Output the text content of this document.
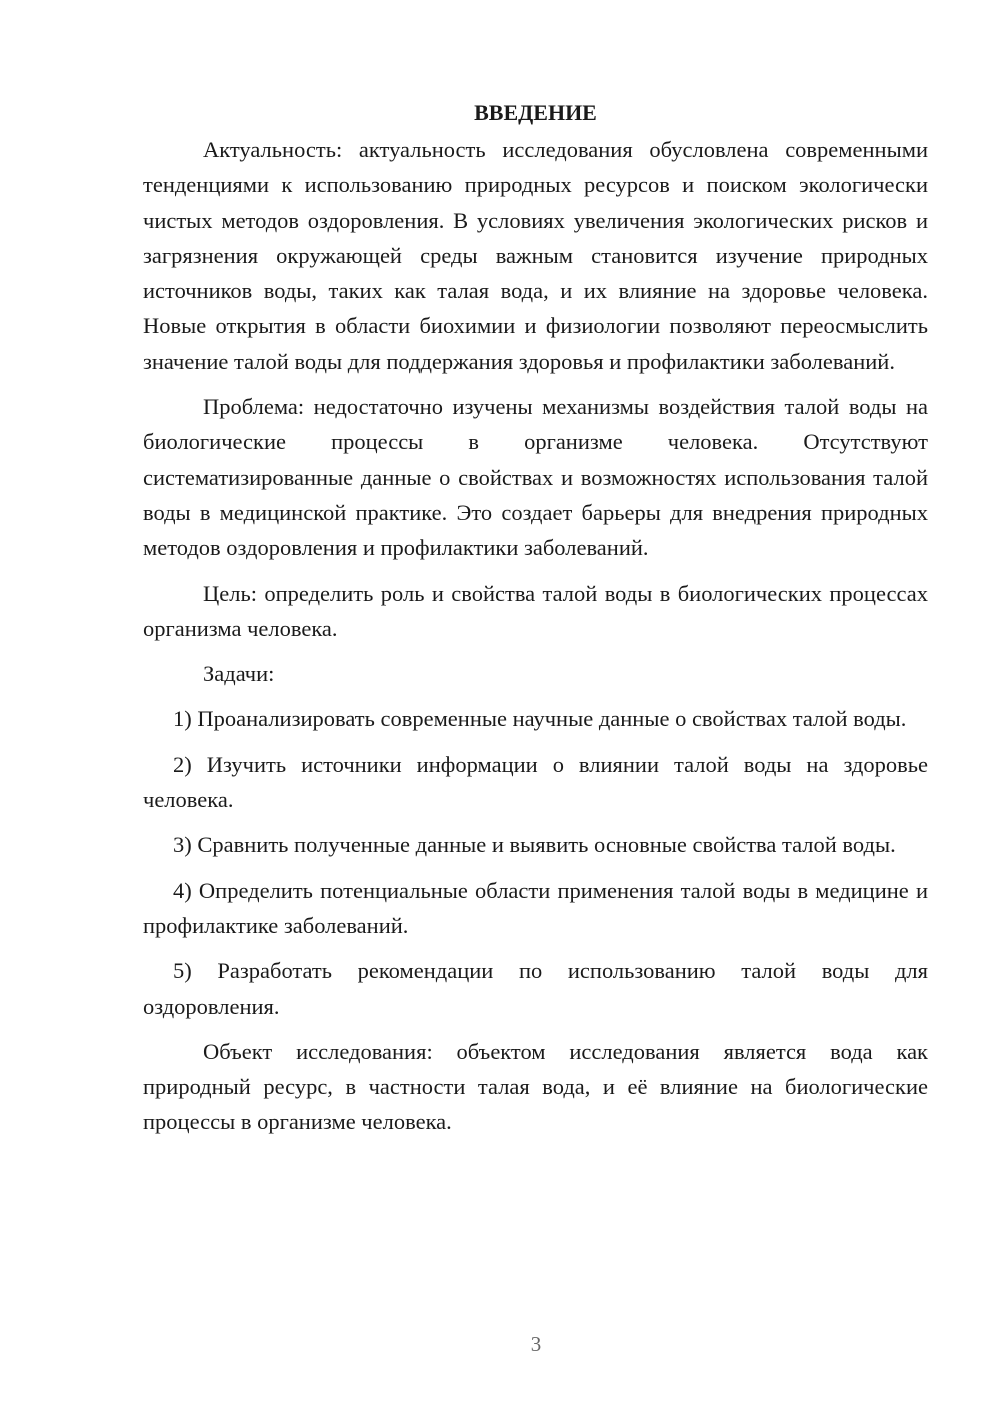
ВВЕДЕНИЕ

Актуальность: актуальность исследования обусловлена современными тенденциями к использованию природных ресурсов и поиском экологически чистых методов оздоровления. В условиях увеличения экологических рисков и загрязнения окружающей среды важным становится изучение природных источников воды, таких как талая вода, и их влияние на здоровье человека. Новые открытия в области биохимии и физиологии позволяют переосмыслить значение талой воды для поддержания здоровья и профилактики заболеваний.

Проблема: недостаточно изучены механизмы воздействия талой воды на биологические процессы в организме человека. Отсутствуют систематизированные данные о свойствах и возможностях использования талой воды в медицинской практике. Это создает барьеры для внедрения природных методов оздоровления и профилактики заболеваний.

Цель: определить роль и свойства талой воды в биологических процессах организма человека.

Задачи:

1) Проанализировать современные научные данные о свойствах талой воды.

2) Изучить источники информации о влиянии талой воды на здоровье человека.

3) Сравнить полученные данные и выявить основные свойства талой воды.

4) Определить потенциальные области применения талой воды в медицине и профилактике заболеваний.

5) Разработать рекомендации по использованию талой воды для оздоровления.

Объект исследования: объектом исследования является вода как природный ресурс, в частности талая вода, и её влияние на биологические процессы в организме человека.

3
